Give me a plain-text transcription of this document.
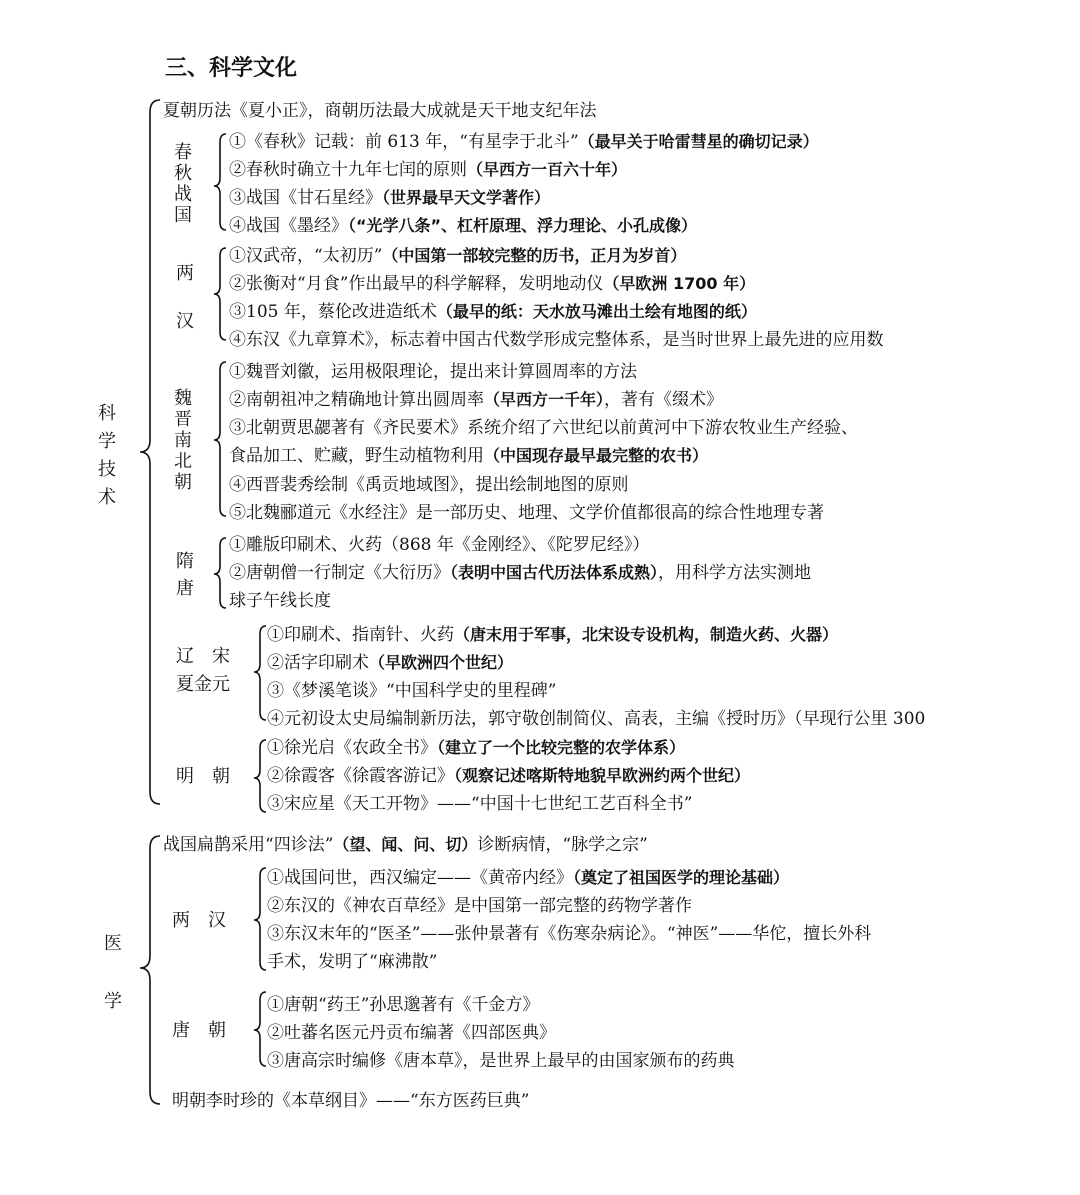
三、科学文化
科学技术
夏朝历法《夏小正》，商朝历法最大成就是天干地支纪年法
春秋战国
①《春秋》记载：前 613 年，“有星孛于北斗”（最早关于哈雷彗星的确切记录）
②春秋时确立十九年七闰的原则（早西方一百六十年）
③战国《甘石星经》（世界最早天文学著作）
④战国《墨经》（“光学八条”、杠杆原理、浮力理论、小孔成像）
两
汉
①汉武帝，“太初历”（中国第一部较完整的历书，正月为岁首）
②张衡对“月食”作出最早的科学解释，发明地动仪（早欧洲 1700 年）
③105 年，蔡伦改进造纸术（最早的纸：天水放马滩出土绘有地图的纸）
④东汉《九章算术》，标志着中国古代数学形成完整体系，是当时世界上最先进的应用数
魏晋南北朝
①魏晋刘徽，运用极限理论，提出来计算圆周率的方法
②南朝祖冲之精确地计算出圆周率（早西方一千年），著有《缀术》
③北朝贾思勰著有《齐民要术》系统介绍了六世纪以前黄河中下游农牧业生产经验、
食品加工、贮藏，野生动植物利用（中国现存最早最完整的农书）
④西晋裴秀绘制《禹贡地域图》，提出绘制地图的原则
⑤北魏郦道元《水经注》是一部历史、地理、文学价值都很高的综合性地理专著
隋唐
①雕版印刷术、火药（868 年《金刚经》、《陀罗尼经》）
②唐朝僧一行制定《大衍历》（表明中国古代历法体系成熟），用科学方法实测地
球子午线长度
辽　宋
夏金元
①印刷术、指南针、火药（唐末用于军事，北宋设专设机构，制造火药、火器）
②活字印刷术（早欧洲四个世纪）
③《梦溪笔谈》“中国科学史的里程碑”
④元初设太史局编制新历法，郭守敬创制简仪、高表，主编《授时历》（早现行公里 300
明　朝
①徐光启《农政全书》（建立了一个比较完整的农学体系）
②徐霞客《徐霞客游记》（观察记述喀斯特地貌早欧洲约两个世纪）
③宋应星《天工开物》——“中国十七世纪工艺百科全书”
医
学
战国扁鹊采用“四诊法”（望、闻、问、切）诊断病情，“脉学之宗”
两　汉
①战国问世，西汉编定——《黄帝内经》（奠定了祖国医学的理论基础）
②东汉的《神农百草经》是中国第一部完整的药物学著作
③东汉末年的“医圣”——张仲景著有《伤寒杂病论》。“神医”——华佗，擅长外科
手术，发明了“麻沸散”
唐　朝
①唐朝“药王”孙思邈著有《千金方》
②吐蕃名医元丹贡布编著《四部医典》
③唐高宗时编修《唐本草》，是世界上最早的由国家颁布的药典
明朝李时珍的《本草纲目》——“东方医药巨典”
